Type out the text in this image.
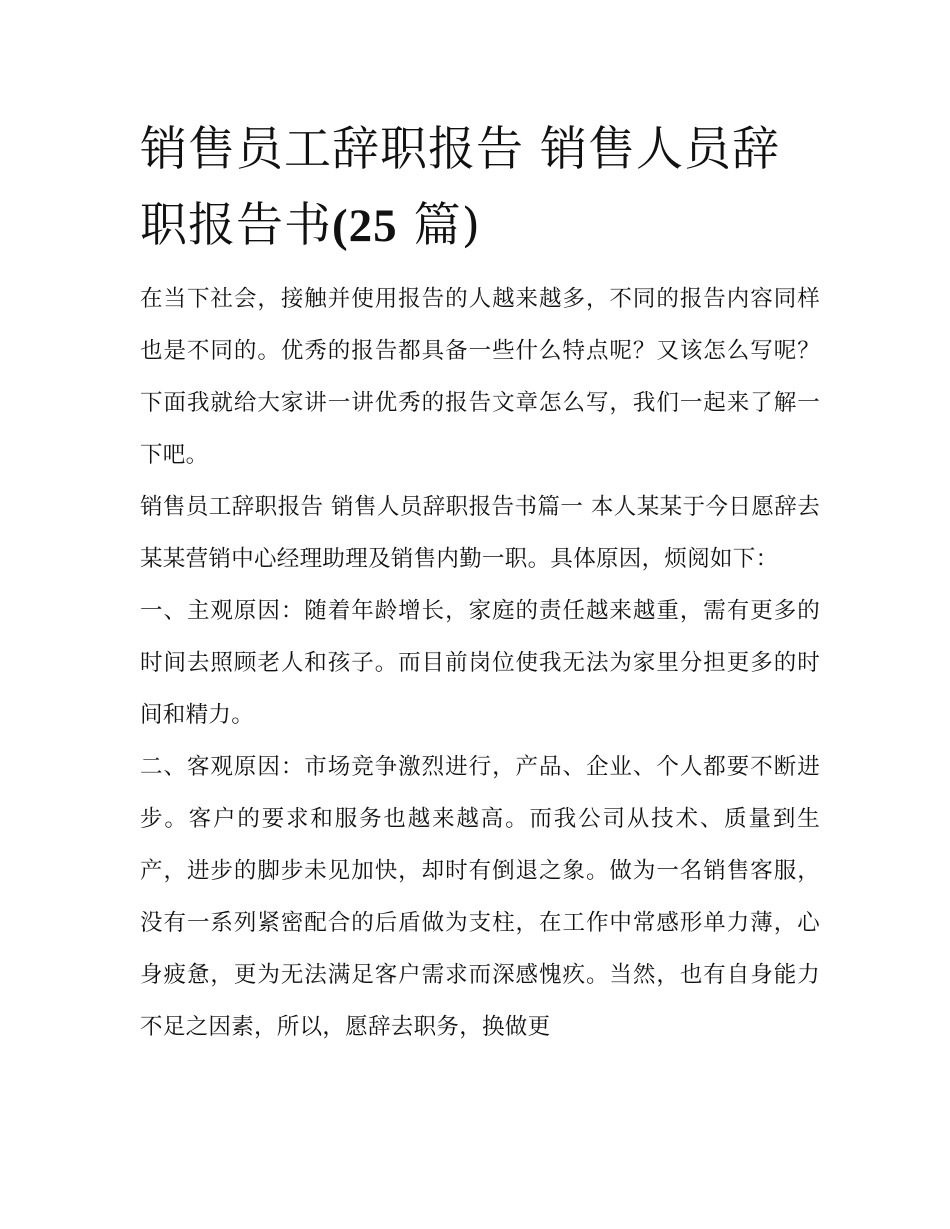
销售员工辞职报告 销售人员辞职报告书(25 篇)

在当下社会，接触并使用报告的人越来越多，不同的报告内容同样也是不同的。优秀的报告都具备一些什么特点呢？又该怎么写呢？下面我就给大家讲一讲优秀的报告文章怎么写，我们一起来了解一下吧。

销售员工辞职报告 销售人员辞职报告书篇一 本人某某于今日愿辞去某某营销中心经理助理及销售内勤一职。具体原因，烦阅如下：

一、主观原因：随着年龄增长，家庭的责任越来越重，需有更多的时间去照顾老人和孩子。而目前岗位使我无法为家里分担更多的时间和精力。

二、客观原因：市场竞争激烈进行，产品、企业、个人都要不断进步。客户的要求和服务也越来越高。而我公司从技术、质量到生产，进步的脚步未见加快，却时有倒退之象。做为一名销售客服，没有一系列紧密配合的后盾做为支柱，在工作中常感形单力薄，心身疲惫，更为无法满足客户需求而深感愧疚。当然，也有自身能力不足之因素，所以，愿辞去职务，换做更
